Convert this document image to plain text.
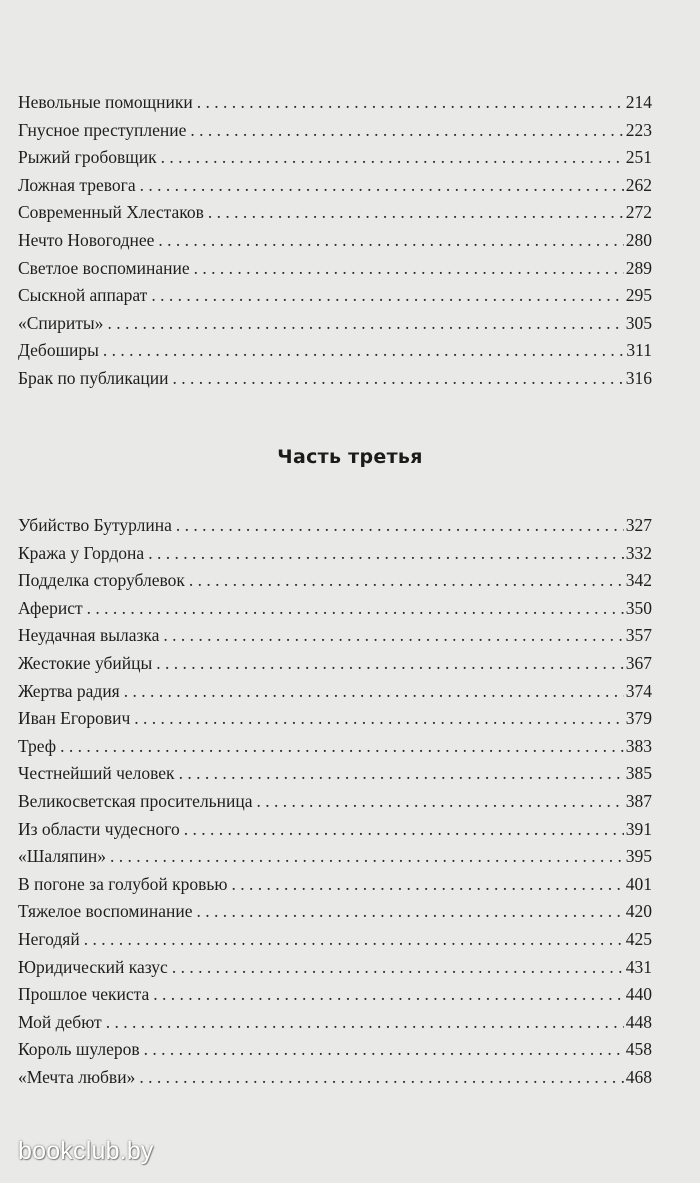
Невольные помощники . . .	214
Гнусное преступление . . .	223
Рыжий гробовщик . . .	251
Ложная тревога . . .	262
Современный Хлестаков . . .	272
Нечто Новогоднее . . .	280
Светлое воспоминание . . .	289
Сыскной аппарат . . .	295
«Спириты» . . .	305
Дебоширы . . .	311
Брак по публикации . . .	316
Часть третья
Убийство Бутурлина . . .	327
Кража у Гордона . . .	332
Подделка сторублевок . . .	342
Аферист . . .	350
Неудачная вылазка . . .	357
Жестокие убийцы . . .	367
Жертва радия . . .	374
Иван Егорович . . .	379
Треф . . .	383
Честнейший человек . . .	385
Великосветская просительница . . .	387
Из области чудесного . . .	391
«Шаляпин» . . .	395
В погоне за голубой кровью . . .	401
Тяжелое воспоминание . . .	420
Негодяй . . .	425
Юридический казус . . .	431
Прошлое чекиста . . .	440
Мой дебют . . .	448
Король шулеров . . .	458
«Мечта любви» . . .	468
bookclub.by
